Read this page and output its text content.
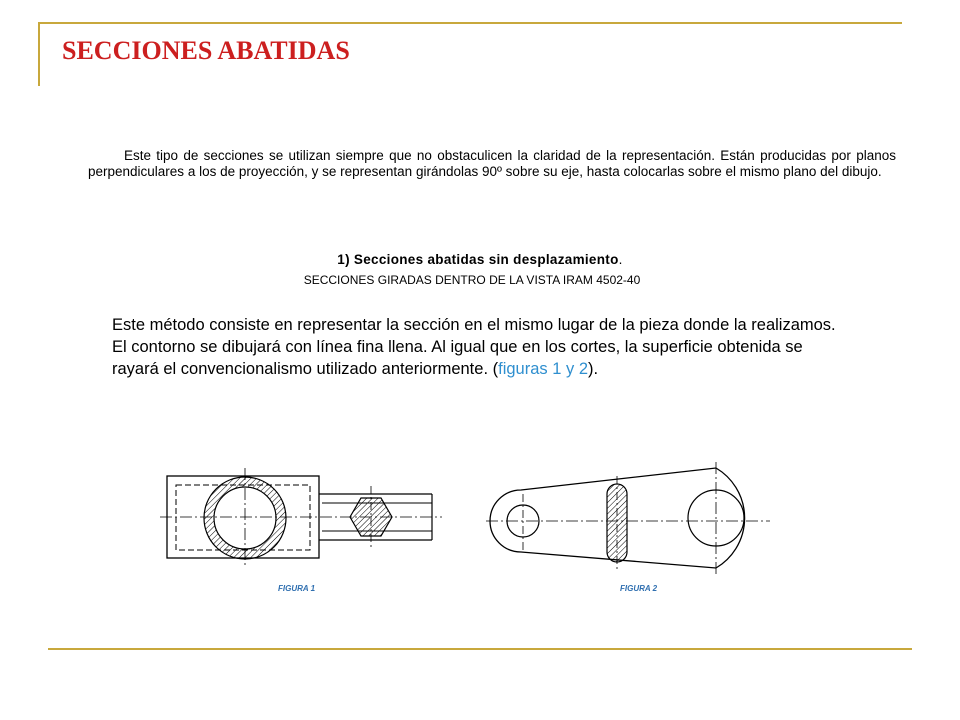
SECCIONES ABATIDAS

Este tipo de secciones se utilizan siempre que no obstaculicen la claridad de la representación. Están producidas por planos perpendiculares a los de proyección, y se representan girándolas 90º sobre su eje, hasta colocarlas sobre el mismo plano del dibujo.

1) Secciones abatidas sin desplazamiento.

SECCIONES GIRADAS DENTRO DE LA VISTA IRAM 4502-40

Este método consiste en representar la sección en el mismo lugar de la pieza donde la realizamos.
El contorno se dibujará con línea fina llena. Al igual que en los cortes, la superficie obtenida se rayará el convencionalismo utilizado anteriormente. (figuras 1 y 2).

FIGURA 1	FIGURA 2
